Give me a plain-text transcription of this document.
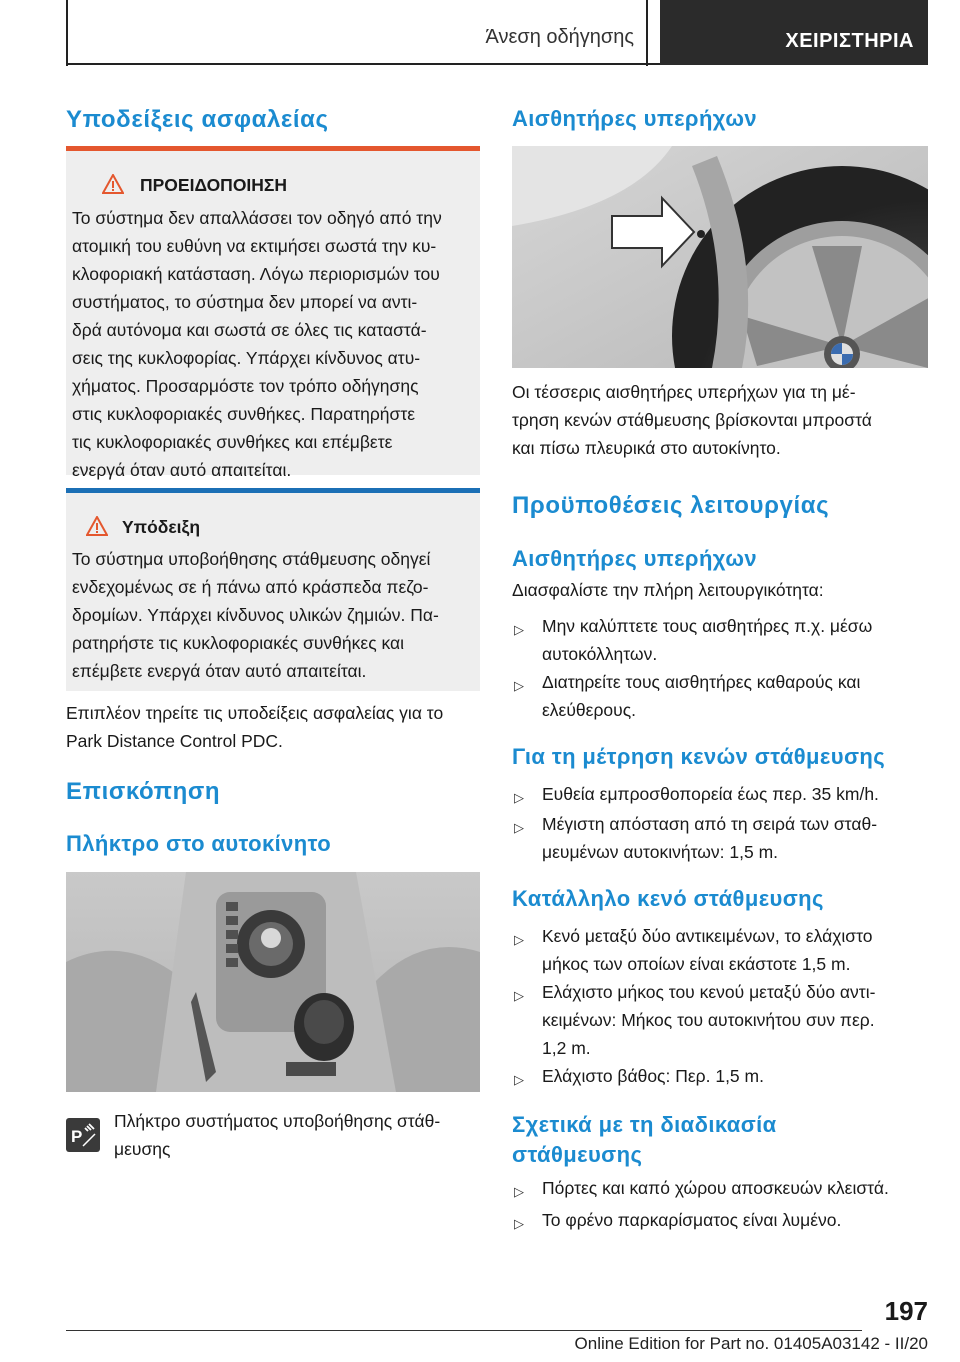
Άνεση οδήγησης	ΧΕΙΡΙΣΤΗΡΙΑ
Υποδείξεις ασφαλείας
ΠΡΟΕΙΔΟΠΟΙΗΣΗ
Το σύστημα δεν απαλλάσσει τον οδηγό από την
ατομική του ευθύνη να εκτιμήσει σωστά την κυ-
κλοφοριακή κατάσταση. Λόγω περιορισμών του
συστήματος, το σύστημα δεν μπορεί να αντι-
δρά αυτόνομα και σωστά σε όλες τις καταστά-
σεις της κυκλοφορίας. Υπάρχει κίνδυνος ατυ-
χήματος. Προσαρμόστε τον τρόπο οδήγησης
στις κυκλοφοριακές συνθήκες. Παρατηρήστε
τις κυκλοφοριακές συνθήκες και επέμβετε
ενεργά όταν αυτό απαιτείται.
Υπόδειξη
Το σύστημα υποβοήθησης στάθμευσης οδηγεί
ενδεχομένως σε ή πάνω από κράσπεδα πεζο-
δρομίων. Υπάρχει κίνδυνος υλικών ζημιών. Πα-
ρατηρήστε τις κυκλοφοριακές συνθήκες και
επέμβετε ενεργά όταν αυτό απαιτείται.
Επιπλέον τηρείτε τις υποδείξεις ασφαλείας για το
Park Distance Control PDC.
Επισκόπηση
Πλήκτρο στο αυτοκίνητο
P
Πλήκτρο συστήματος υποβοήθησης στάθ-
μευσης
Αισθητήρες υπερήχων
Οι τέσσερις αισθητήρες υπερήχων για τη μέ-
τρηση κενών στάθμευσης βρίσκονται μπροστά
και πίσω πλευρικά στο αυτοκίνητο.
Προϋποθέσεις λειτουργίας
Αισθητήρες υπερήχων
Διασφαλίστε την πλήρη λειτουργικότητα:
▷ Μην καλύπτετε τους αισθητήρες π.χ. μέσω
αυτοκόλλητων.
▷ Διατηρείτε τους αισθητήρες καθαρούς και
ελεύθερους.
Για τη μέτρηση κενών στάθμευσης
▷ Ευθεία εμπροσθοπορεία έως περ. 35 km/h.
▷ Μέγιστη απόσταση από τη σειρά των σταθ-
μευμένων αυτοκινήτων: 1,5 m.
Κατάλληλο κενό στάθμευσης
▷ Κενό μεταξύ δύο αντικειμένων, το ελάχιστο
μήκος των οποίων είναι εκάστοτε 1,5 m.
▷ Ελάχιστο μήκος του κενού μεταξύ δύο αντι-
κειμένων: Μήκος του αυτοκινήτου συν περ.
1,2 m.
▷ Ελάχιστο βάθος: Περ. 1,5 m.
Σχετικά με τη διαδικασία
στάθμευσης
▷ Πόρτες και καπό χώρου αποσκευών κλειστά.
▷ Το φρένο παρκαρίσματος είναι λυμένο.
197
Online Edition for Part no. 01405A03142 - II/20
